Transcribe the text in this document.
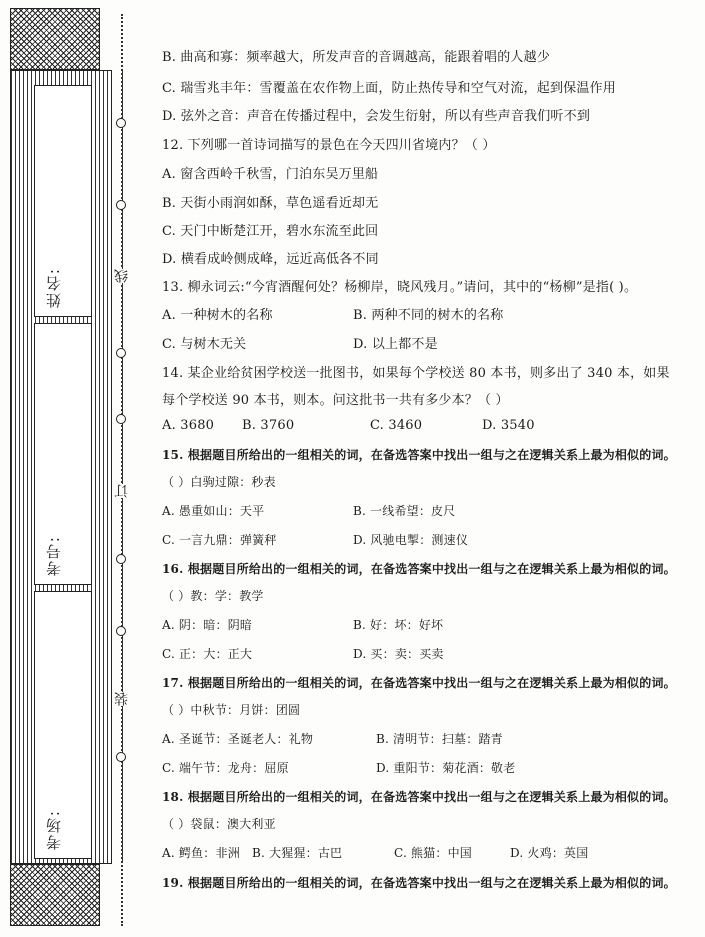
姓名:
考号:
考场:
线
订
装
B. 曲高和寡：频率越大，所发声音的音调越高，能跟着唱的人越少
C. 瑞雪兆丰年：雪覆盖在农作物上面，防止热传导和空气对流，起到保温作用
D. 弦外之音：声音在传播过程中，会发生衍射，所以有些声音我们听不到
12. 下列哪一首诗词描写的景色在今天四川省境内？（ ）
A. 窗含西岭千秋雪，门泊东吴万里船
B. 天街小雨润如酥，草色遥看近却无
C. 天门中断楚江开，碧水东流至此回
D. 横看成岭侧成峰，远近高低各不同
13. 柳永词云:“今宵酒醒何处？杨柳岸，晓风残月。”请问，其中的“杨柳”是指( )。
A. 一种树木的名称	B. 两种不同的树木的名称
C. 与树木无关	D. 以上都不是
14. 某企业给贫困学校送一批图书，如果每个学校送 80 本书，则多出了 340 本，如果
每个学校送 90 本书，则本。问这批书一共有多少本？（ ）
A. 3680 B. 3760	C. 3460	D. 3540
15. 根据题目所给出的一组相关的词，在备选答案中找出一组与之在逻辑关系上最为相似的词。
（ ）白驹过隙：秒表
A. 愚重如山：天平	B. 一线希望：皮尺
C. 一言九鼎：弹簧秤	D. 风驰电掣：测速仪
16. 根据题目所给出的一组相关的词，在备选答案中找出一组与之在逻辑关系上最为相似的词。
（ ）教：学：教学
A. 阴：暗：阴暗	B. 好：坏：好坏
C. 正：大：正大	D. 买：卖：买卖
17. 根据题目所给出的一组相关的词，在备选答案中找出一组与之在逻辑关系上最为相似的词。
（ ）中秋节：月饼：团圆
A. 圣诞节：圣诞老人：礼物	B. 清明节：扫墓：踏青
C. 端午节：龙舟：屈原	D. 重阳节：菊花酒：敬老
18. 根据题目所给出的一组相关的词，在备选答案中找出一组与之在逻辑关系上最为相似的词。
（ ）袋鼠：澳大利亚
A. 鳄鱼：非洲 B. 大猩猩：古巴	C. 熊猫：中国	D. 火鸡：英国
19. 根据题目所给出的一组相关的词，在备选答案中找出一组与之在逻辑关系上最为相似的词。
